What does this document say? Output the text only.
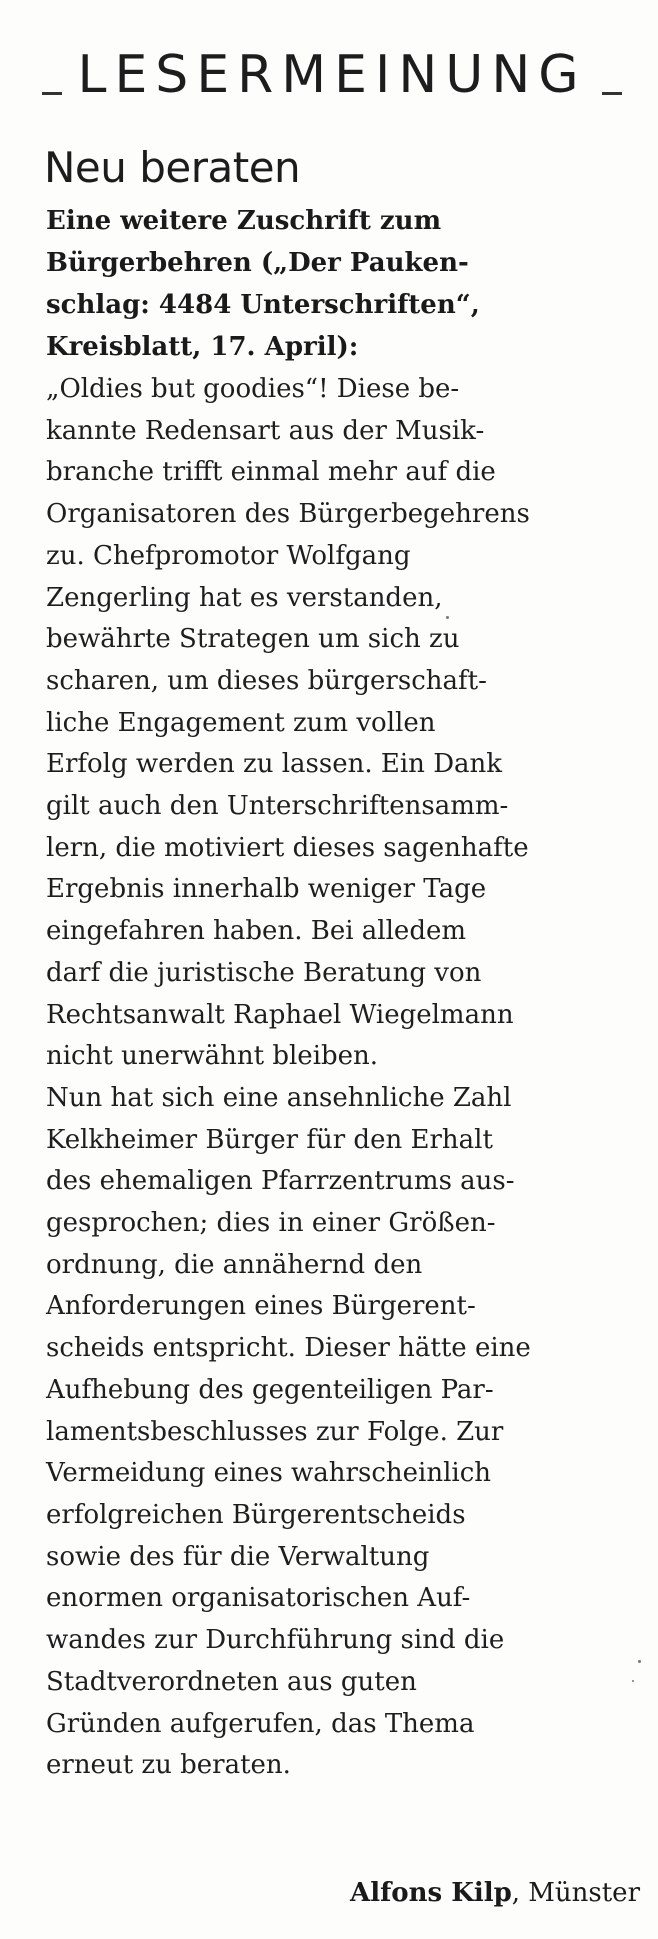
LESERMEINUNG
Neu beraten
Eine weitere Zuschrift zum
Bürgerbehren („Der Pauken-
schlag: 4484 Unterschriften“,
Kreisblatt, 17. April):
„Oldies but goodies“! Diese be-
kannte Redensart aus der Musik-
branche trifft einmal mehr auf die
Organisatoren des Bürgerbegehrens
zu. Chefpromotor Wolfgang
Zengerling hat es verstanden,
bewährte Strategen um sich zu
scharen, um dieses bürgerschaft-
liche Engagement zum vollen
Erfolg werden zu lassen. Ein Dank
gilt auch den Unterschriftensamm-
lern, die motiviert dieses sagenhafte
Ergebnis innerhalb weniger Tage
eingefahren haben. Bei alledem
darf die juristische Beratung von
Rechtsanwalt Raphael Wiegelmann
nicht unerwähnt bleiben.
Nun hat sich eine ansehnliche Zahl
Kelkheimer Bürger für den Erhalt
des ehemaligen Pfarrzentrums aus-
gesprochen; dies in einer Größen-
ordnung, die annähernd den
Anforderungen eines Bürgerent-
scheids entspricht. Dieser hätte eine
Aufhebung des gegenteiligen Par-
lamentsbeschlusses zur Folge. Zur
Vermeidung eines wahrscheinlich
erfolgreichen Bürgerentscheids
sowie des für die Verwaltung
enormen organisatorischen Auf-
wandes zur Durchführung sind die
Stadtverordneten aus guten
Gründen aufgerufen, das Thema
erneut zu beraten.
Alfons Kilp, Münster
